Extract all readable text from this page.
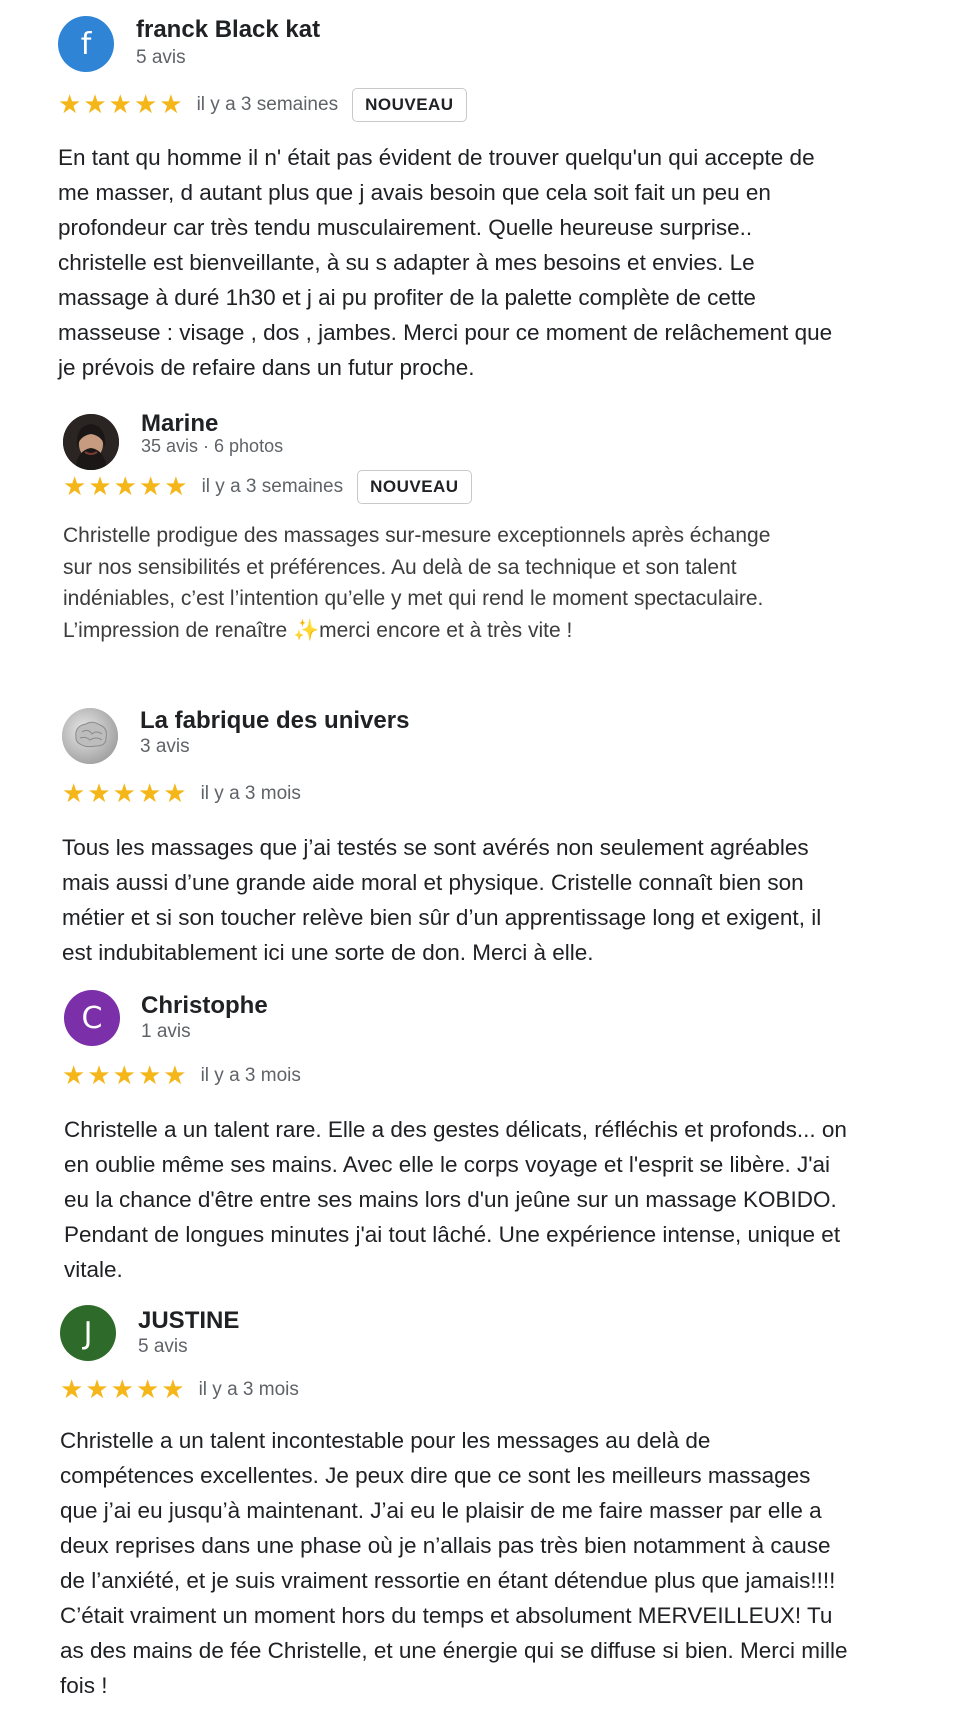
f	franck Black kat
5 avis
★ ★ ★ ★ ★ il y a 3 semaines	NOUVEAU
En tant qu homme il n' était pas évident de trouver quelqu'un qui accepte de
me masser, d autant plus que j avais besoin que cela soit fait un peu en
profondeur car très tendu musculairement. Quelle heureuse surprise..
christelle est bienveillante, à su s adapter à mes besoins et envies. Le
massage à duré 1h30 et j ai pu profiter de la palette complète de cette
masseuse : visage , dos , jambes. Merci pour ce moment de relâchement que
je prévois de refaire dans un futur proche.
Marine
35 avis · 6 photos
★ ★ ★ ★ ★ il y a 3 semaines	NOUVEAU
Christelle prodigue des massages sur-mesure exceptionnels après échange
sur nos sensibilités et préférences. Au delà de sa technique et son talent
indéniables, c’est l’intention qu’elle y met qui rend le moment spectaculaire.
L’impression de renaître ✨merci encore et à très vite !
La fabrique des univers
3 avis
★ ★ ★ ★ ★ il y a 3 mois
Tous les massages que j’ai testés se sont avérés non seulement agréables
mais aussi d’une grande aide moral et physique. Cristelle connaît bien son
métier et si son toucher relève bien sûr d’un apprentissage long et exigent, il
est indubitablement ici une sorte de don. Merci à elle.
C	Christophe
1 avis
★ ★ ★ ★ ★ il y a 3 mois
Christelle a un talent rare. Elle a des gestes délicats, réfléchis et profonds... on
en oublie même ses mains. Avec elle le corps voyage et l'esprit se libère. J'ai
eu la chance d'être entre ses mains lors d'un jeûne sur un massage KOBIDO.
Pendant de longues minutes j'ai tout lâché. Une expérience intense, unique et
vitale.
J	JUSTINE
5 avis
★ ★ ★ ★ ★ il y a 3 mois
Christelle a un talent incontestable pour les messages au delà de
compétences excellentes. Je peux dire que ce sont les meilleurs massages
que j’ai eu jusqu’à maintenant. J’ai eu le plaisir de me faire masser par elle a
deux reprises dans une phase où je n’allais pas très bien notamment à cause
de l’anxiété, et je suis vraiment ressortie en étant détendue plus que jamais!!!!
C’était vraiment un moment hors du temps et absolument MERVEILLEUX! Tu
as des mains de fée Christelle, et une énergie qui se diffuse si bien. Merci mille
fois !
